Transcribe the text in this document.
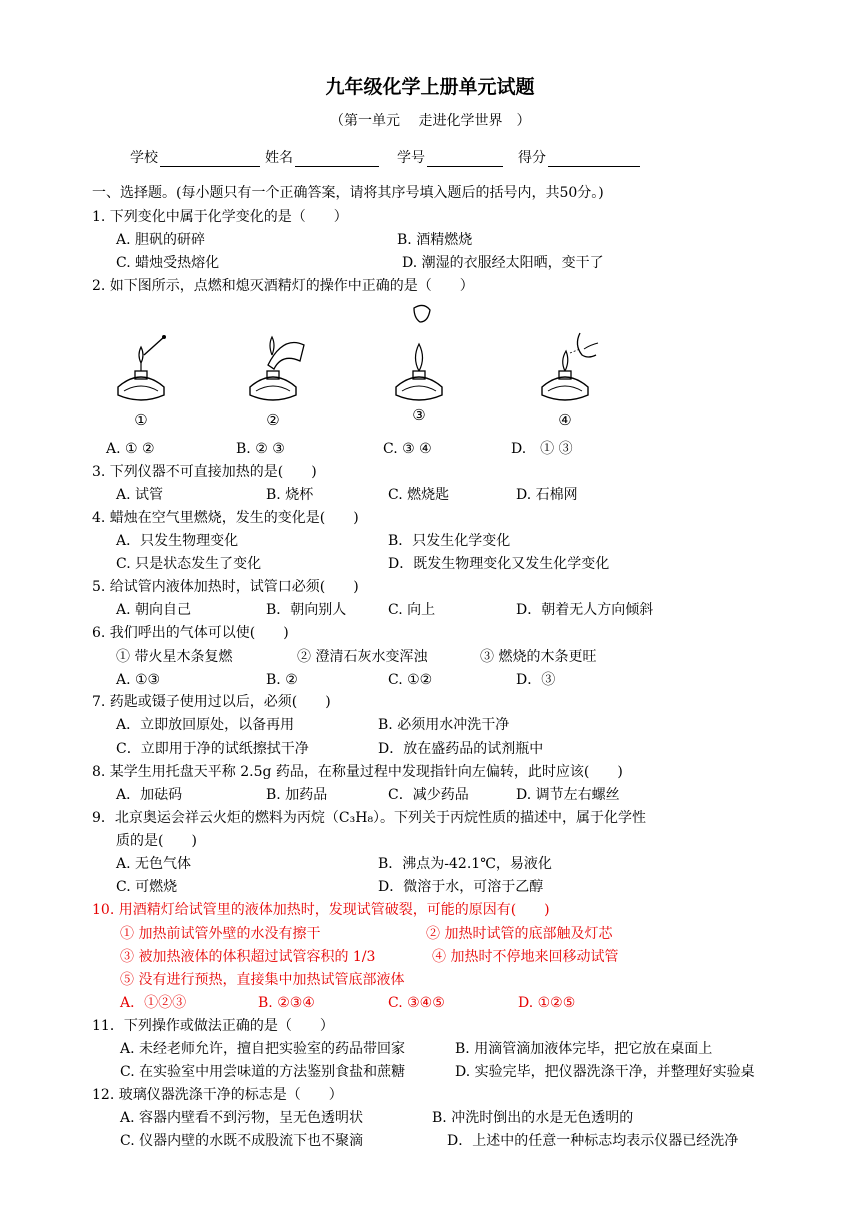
九年级化学上册单元试题
（第一单元　 走进化学世界　）
学校	姓名	学号	得分
一、选择题。(每小题只有一个正确答案，请将其序号填入题后的括号内，共50分。)
1. 下列变化中属于化学变化的是（　　）
A. 胆矾的研碎	B. 酒精燃烧
C. 蜡烛受热熔化	D. 潮湿的衣服经太阳晒，变干了
2. 如下图所示，点燃和熄灭酒精灯的操作中正确的是（　　）
①	②	③	④
A. ① ②	B. ② ③	C. ③ ④	D.　① ③
3. 下列仪器不可直接加热的是(　　)
A. 试管	B. 烧杯	C. 燃烧匙	D. 石棉网
4. 蜡烛在空气里燃烧，发生的变化是(　　)
A．只发生物理变化	B．只发生化学变化
C. 只是状态发生了变化	D．既发生物理变化又发生化学变化
5. 给试管内液体加热时，试管口必须(　　)
A. 朝向自己	B．朝向别人	C. 向上	D．朝着无人方向倾斜
6. 我们呼出的气体可以使(　　)
① 带火星木条复燃	② 澄清石灰水变浑浊	③ 燃烧的木条更旺
A. ①③	B. ②	C. ①②	D．③
7. 药匙或镊子使用过以后，必须(　　)
A．立即放回原处，以备再用	B. 必须用水冲洗干净
C．立即用于净的试纸擦拭干净	D．放在盛药品的试剂瓶中
8. 某学生用托盘天平称 2.5g 药品，在称量过程中发现指针向左偏转，此时应该(　　)
A．加砝码	B. 加药品	C．减少药品	D. 调节左右螺丝
9．北京奥运会祥云火炬的燃料为丙烷（C₃H₈）。下列关于丙烷性质的描述中，属于化学性
质的是(　　)
A. 无色气体	B．沸点为-42.1℃，易液化
C. 可燃烧	D．微溶于水，可溶于乙醇
10. 用酒精灯给试管里的液体加热时，发现试管破裂，可能的原因有(　　)
① 加热前试管外壁的水没有擦干	② 加热时试管的底部触及灯芯
③ 被加热液体的体积超过试管容积的 1/3	④ 加热时不停地来回移动试管
⑤ 没有进行预热，直接集中加热试管底部液体
A．①②③	B. ②③④	C. ③④⑤	D. ①②⑤
11．下列操作或做法正确的是（　　）
A. 未经老师允许，擅自把实验室的药品带回家	B. 用滴管滴加液体完毕，把它放在桌面上
C. 在实验室中用尝味道的方法鉴别食盐和蔗糖	D. 实验完毕，把仪器洗涤干净，并整理好实验桌
12. 玻璃仪器洗涤干净的标志是（　　）
A. 容器内壁看不到污物，呈无色透明状	B. 冲洗时倒出的水是无色透明的
C. 仪器内壁的水既不成股流下也不聚滴	D．上述中的任意一种标志均表示仪器已经洗净
